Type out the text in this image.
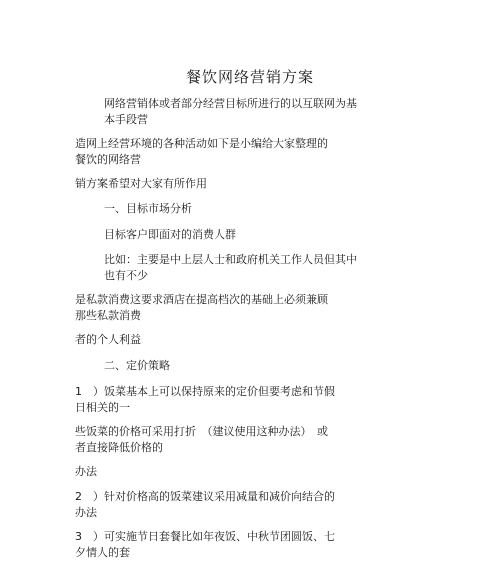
餐饮网络营销方案

网络营销体或者部分经营目标所进行的以互联网为基本手段营

造网上经营环境的各种活动如下是小编给大家整理的餐饮的网络营

销方案希望对大家有所作用

一、目标市场分析

目标客户即面对的消费人群

比如：主要是中上层人士和政府机关工作人员但其中也有不少

是私款消费这要求酒店在提高档次的基础上必须兼顾那些私款消费

者的个人利益

二、定价策略

1　）饭菜基本上可以保持原来的定价但要考虑和节假日相关的一

些饭菜的价格可采用打折　（建议使用这种办法）　或者直接降低价格的

办法

2　）针对价格高的饭菜建议采用减量和减价向结合的办法

3　）可实施节日套餐比如年夜饭、中秋节团圆饭、七夕情人的套
